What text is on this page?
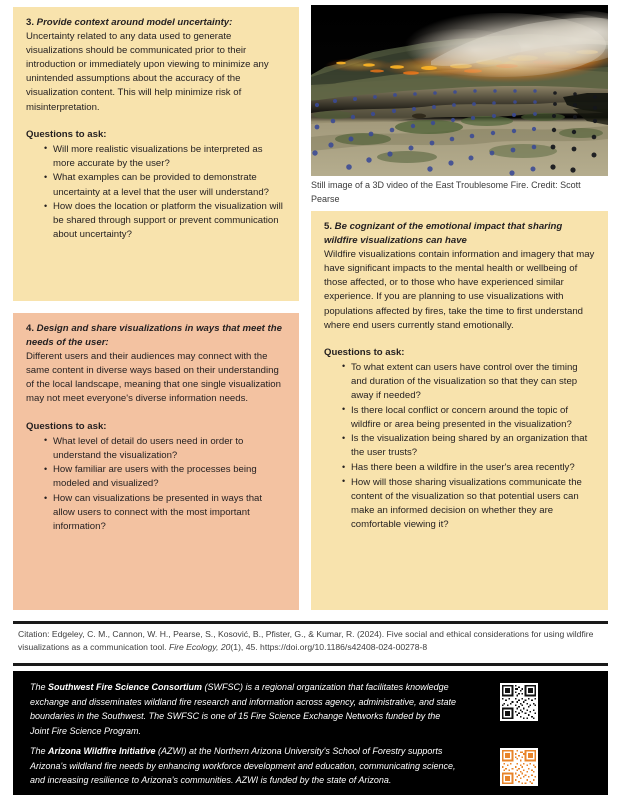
Still image of a 3D video of the East Troublesome Fire. Credit: Scott Pearse

3. Provide context around model uncertainty:

Uncertainty related to any data used to generate visualizations should be communicated prior to their introduction or immediately upon viewing to minimize any unintended assumptions about the accuracy of the visualization content. This will help minimize risk of misinterpretation.

Questions to ask:

• Will more realistic visualizations be interpreted as more accurate by the user?
• What examples can be provided to demonstrate uncertainty at a level that the user will understand?
• How does the location or platform the visualization will be shared through support or prevent communication about uncertainty?

4. Design and share visualizations in ways that meet the needs of the user:

Different users and their audiences may connect with the same content in diverse ways based on their understanding of the local landscape, meaning that one single visualization may not meet everyone's diverse information needs.

Questions to ask:

• What level of detail do users need in order to understand the visualization?
• How familiar are users with the processes being modeled and visualized?
• How can visualizations be presented in ways that allow users to connect with the most important information?

5. Be cognizant of the emotional impact that sharing wildfire visualizations can have

Wildfire visualizations contain information and imagery that may have significant impacts to the mental health or wellbeing of those affected, or to those who have experienced similar experience. If you are planning to use visualizations with populations affected by fires, take the time to first understand where end users currently stand emotionally.

Questions to ask:

• To what extent can users have control over the timing and duration of the visualization so that they can step away if needed?
• Is there local conflict or concern around the topic of wildfire or area being presented in the visualization?
• Is the visualization being shared by an organization that the user trusts?
• Has there been a wildfire in the user's area recently?
• How will those sharing visualizations communicate the content of the visualization so that potential users can make an informed decision on whether they are comfortable viewing it?
Citation: Edgeley, C. M., Cannon, W. H., Pearse, S., Kosović, B., Pfister, G., & Kumar, R. (2024). Five social and ethical considerations for using wildfire visualizations as a communication tool. Fire Ecology, 20(1), 45. https://doi.org/10.1186/s42408-024-00278-8
The Southwest Fire Science Consortium (SWFSC) is a regional organization that facilitates knowledge exchange and disseminates wildland fire research and information across agency, administrative, and state boundaries in the Southwest. The SWFSC is one of 15 Fire Science Exchange Networks funded by the Joint Fire Science Program.
The Arizona Wildfire Initiative (AZWI) at the Northern Arizona University's School of Forestry supports Arizona's wildland fire needs by enhancing workforce development and education, communicating science, and increasing resilience to Arizona's communities. AZWI is funded by the state of Arizona.
